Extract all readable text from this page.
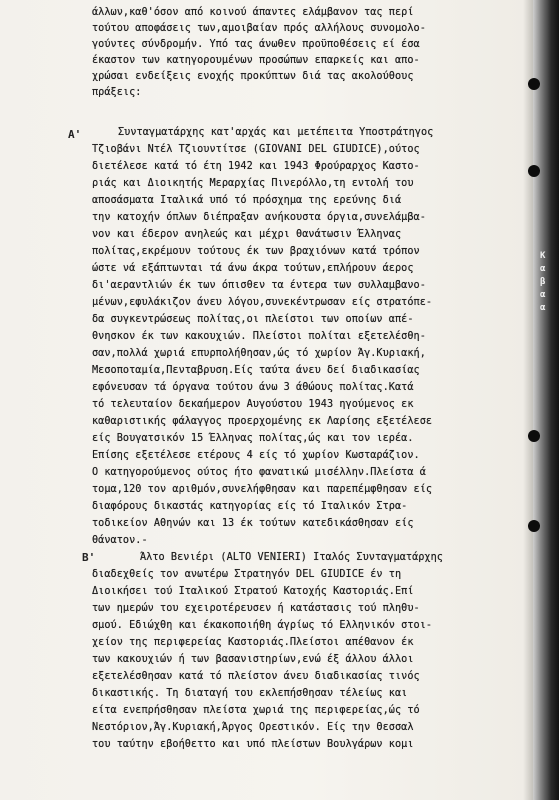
άλλων,καθ'όσον από κοινού άπαντες ελάμβανον τας περί
τούτου αποφάσεις των,αμοιβαίαν πρός αλλήλους συνομολο-
γούντες σύνδρομήν. Υπό τας άνωθεν προϋποθέσεις εί έσα
έκαστον των κατηγορουμένων προσώπων επαρκείς και απο-
χρώσαι ενδείξεις ενοχής προκύπτων διά τας ακολούθους
πράξεις:
Α'	Συνταγματάρχης κατ'αρχάς και μετέπειτα Υποστράτηγος
Τζιοβάνι Ντέλ Τζιουντίτσε (GIOVANI DEL GIUDICE),ούτος
διετέλεσε κατά τό έτη 1942 και 1943 Φρούραρχος Καστο-
ριάς και Διοικητής Μεραρχίας Πινερόλλο,τη εντολή του
αποσάσματα Ιταλικά υπό τό πρόσχημα της ερεύνης διά
την κατοχήν όπλων διέπραξαν ανήκουστα όργια,συνελάμβα-
νον και έδερον ανηλεώς και μέχρι θανάτωσιν Έλληνας
πολίτας,εκρέμουν τούτους έκ των βραχιόνων κατά τρόπον
ώστε νά εξάπτωνται τά άνω άκρα τούτων,επλήρουν άερος
δι'αεραντλιών έκ των όπισθεν τα έντερα των συλλαμβανο-
μένων,εφυλάκιζον άνευ λόγου,συνεκέντρωσαν είς στρατόπε-
δα συγκεντρώσεως πολίτας,οι πλείστοι των οποίων απέ-
θνησκον έκ των κακουχιών. Πλείστοι πολίται εξετελέσθη-
σαν,πολλά χωριά επυρπολήθησαν,ώς τό χωρίον Άγ.Κυριακή,
Μεσοποταμία,Πενταβρυση.Είς ταύτα άνευ δεί διαδικασίας
εφόνευσαν τά όργανα τούτου άνω 3 άθώους πολίτας.Κατά
τό τελευταίον δεκαήμερον Αυγούστου 1943 ηγούμενος εκ
καθαριστικής φάλαγγος προερχομένης εκ Λαρίσης εξετέλεσε
είς Βουγατσικόν 15 Έλληνας πολίτας,ώς και τον ιερέα.
Επίσης εξετέλεσε ετέρους 4 είς τό χωρίον Κωσταράζιον.
Ο κατηγορούμενος ούτος ήτο φανατικώ μισέλλην.Πλείστα ά
τομα,120 τον αριθμόν,συνελήφθησαν και παρεπέμφθησαν είς
διαφόρους δικαστάς κατηγορίας είς τό Ιταλικόν Στρα-
τοδικείον Αθηνών και 13 έκ τούτων κατεδικάσθησαν είς
θάνατον.-
Β'	Άλτο Βενιέρι (ALTO VENIERI) Ιταλός Συνταγματάρχης
διαδεχθείς τον ανωτέρω Στρατηγόν DEL GIUDICE έν τη
Διοικήσει τού Ιταλικού Στρατού Κατοχής Καστοριάς.Επί
των ημερών του εχειροτέρευσεν ή κατάστασις τού πληθυ-
σμού. Εδιώχθη και έκακοποιήθη άγρίως τό Ελληνικόν στοι-
χείον της περιφερείας Καστοριάς.Πλείστοι απέθανον έκ
των κακουχιών ή των βασανιστηρίων,ενώ έξ άλλου άλλοι
εξετελέσθησαν κατά τό πλείστον άνευ διαδικασίας τινός
δικαστικής. Τη διαταγή του εκλεπήσθησαν τέλείως και
είτα ενεπρήσθησαν πλείστα χωριά της περιφερείας,ώς τό
Νεστόριον,Άγ.Κυριακή,Άργος Ορεστικόν. Είς την Θεσσαλ
του ταύτην εβοήθεττο και υπό πλείστων Βουλγάρων κομι
K
α
β
α
α
